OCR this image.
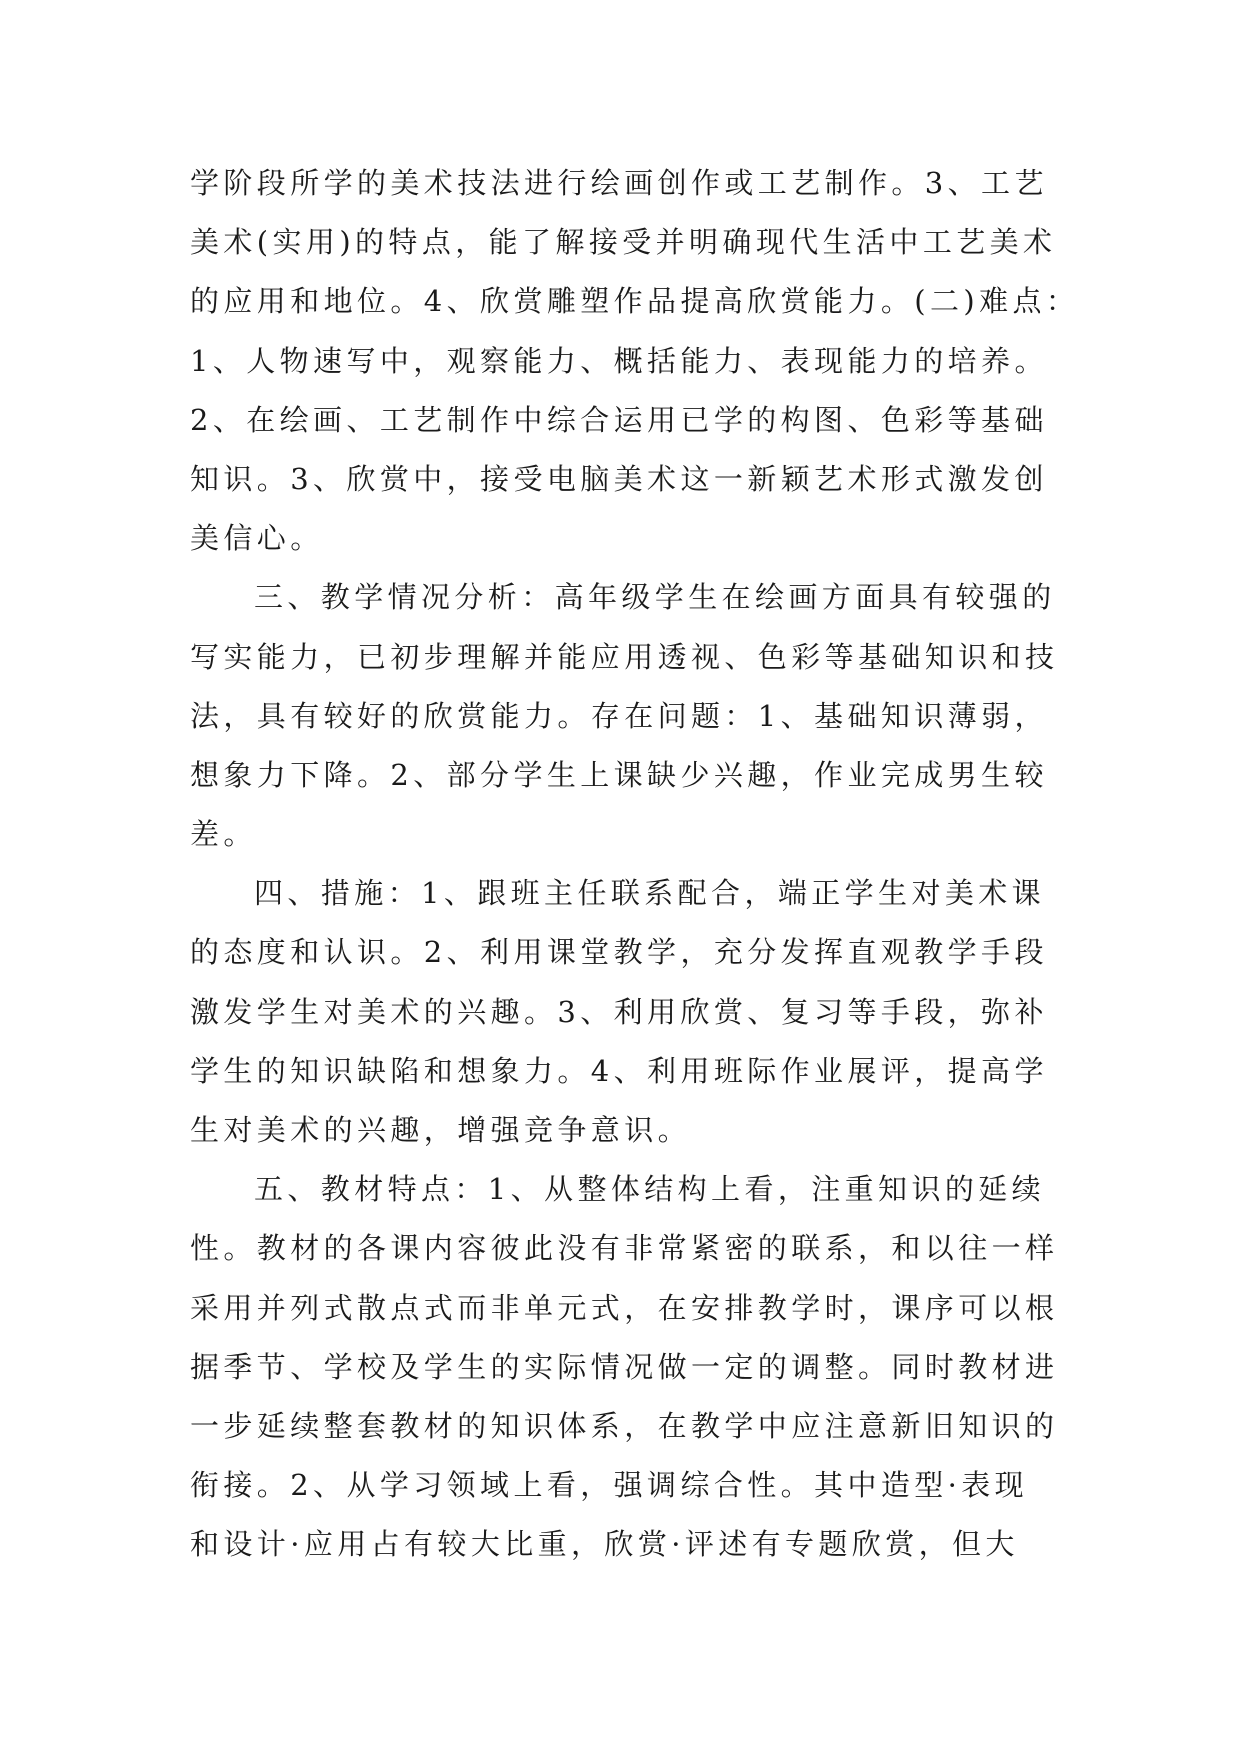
学阶段所学的美术技法进行绘画创作或工艺制作。3、工艺
美术(实用)的特点，能了解接受并明确现代生活中工艺美术
的应用和地位。4、欣赏雕塑作品提高欣赏能力。(二)难点：
1、人物速写中，观察能力、概括能力、表现能力的培养。
2、在绘画、工艺制作中综合运用已学的构图、色彩等基础
知识。3、欣赏中，接受电脑美术这一新颖艺术形式激发创
美信心。
三、教学情况分析：高年级学生在绘画方面具有较强的
写实能力，已初步理解并能应用透视、色彩等基础知识和技
法，具有较好的欣赏能力。存在问题：1、基础知识薄弱，
想象力下降。2、部分学生上课缺少兴趣，作业完成男生较
差。
四、措施：1、跟班主任联系配合，端正学生对美术课
的态度和认识。2、利用课堂教学，充分发挥直观教学手段
激发学生对美术的兴趣。3、利用欣赏、复习等手段，弥补
学生的知识缺陷和想象力。4、利用班际作业展评，提高学
生对美术的兴趣，增强竞争意识。
五、教材特点：1、从整体结构上看，注重知识的延续
性。教材的各课内容彼此没有非常紧密的联系，和以往一样
采用并列式散点式而非单元式，在安排教学时，课序可以根
据季节、学校及学生的实际情况做一定的调整。同时教材进
一步延续整套教材的知识体系，在教学中应注意新旧知识的
衔接。2、从学习领域上看，强调综合性。其中造型·表现
和设计·应用占有较大比重，欣赏·评述有专题欣赏，但大
